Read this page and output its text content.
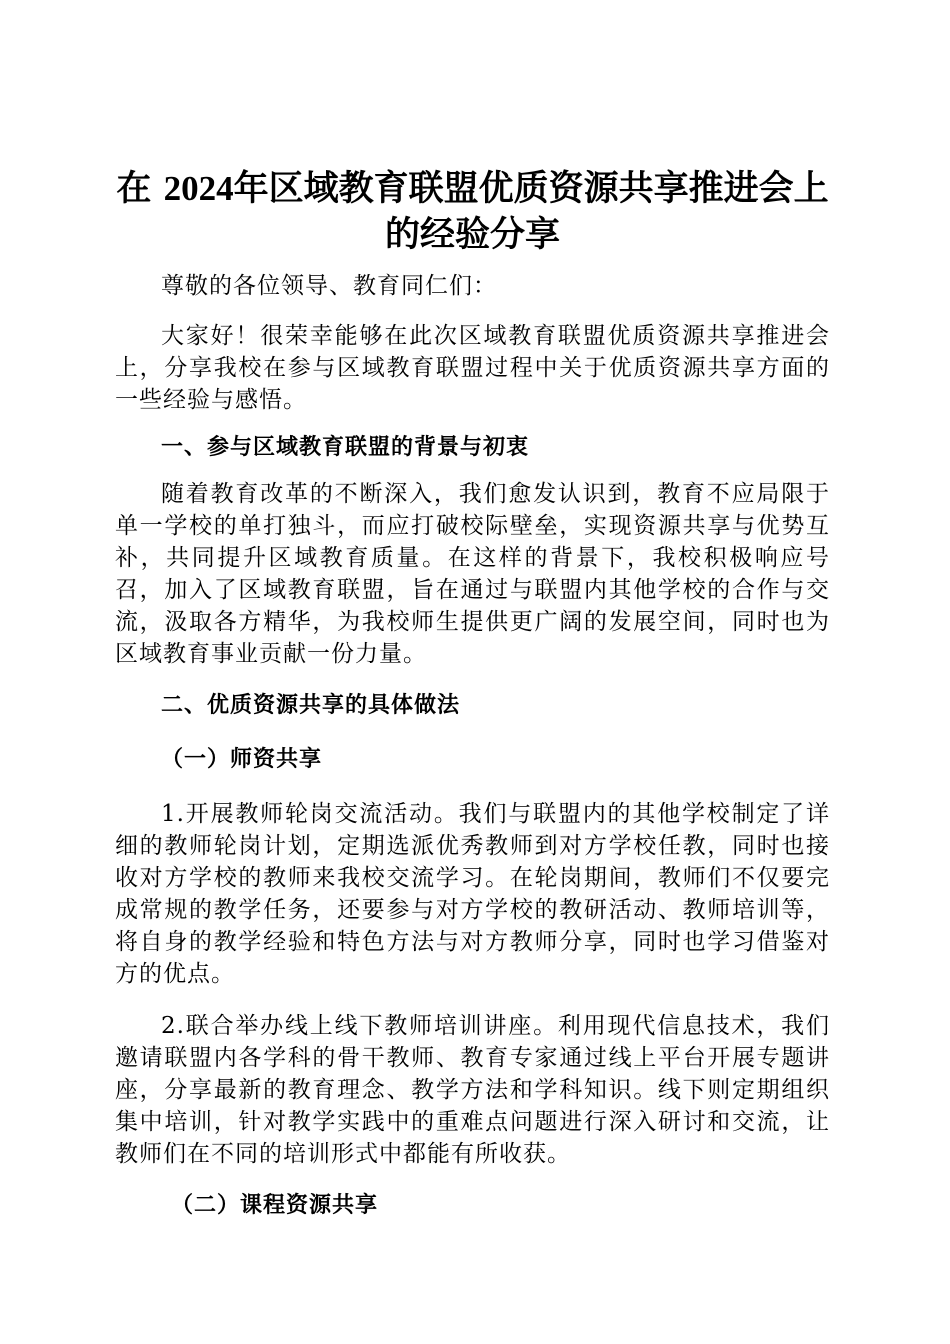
在 2024年区域教育联盟优质资源共享推进会上的经验分享

尊敬的各位领导、教育同仁们：

大家好！很荣幸能够在此次区域教育联盟优质资源共享推进会上，分享我校在参与区域教育联盟过程中关于优质资源共享方面的一些经验与感悟。

一、参与区域教育联盟的背景与初衷

随着教育改革的不断深入，我们愈发认识到，教育不应局限于单一学校的单打独斗，而应打破校际壁垒，实现资源共享与优势互补，共同提升区域教育质量。在这样的背景下，我校积极响应号召，加入了区域教育联盟，旨在通过与联盟内其他学校的合作与交流，汲取各方精华，为我校师生提供更广阔的发展空间，同时也为区域教育事业贡献一份力量。

二、优质资源共享的具体做法

（一）师资共享

1.开展教师轮岗交流活动。我们与联盟内的其他学校制定了详细的教师轮岗计划，定期选派优秀教师到对方学校任教，同时也接收对方学校的教师来我校交流学习。在轮岗期间，教师们不仅要完成常规的教学任务，还要参与对方学校的教研活动、教师培训等，将自身的教学经验和特色方法与对方教师分享，同时也学习借鉴对方的优点。

2.联合举办线上线下教师培训讲座。利用现代信息技术，我们邀请联盟内各学科的骨干教师、教育专家通过线上平台开展专题讲座，分享最新的教育理念、教学方法和学科知识。线下则定期组织集中培训，针对教学实践中的重难点问题进行深入研讨和交流，让教师们在不同的培训形式中都能有所收获。

（二）课程资源共享
